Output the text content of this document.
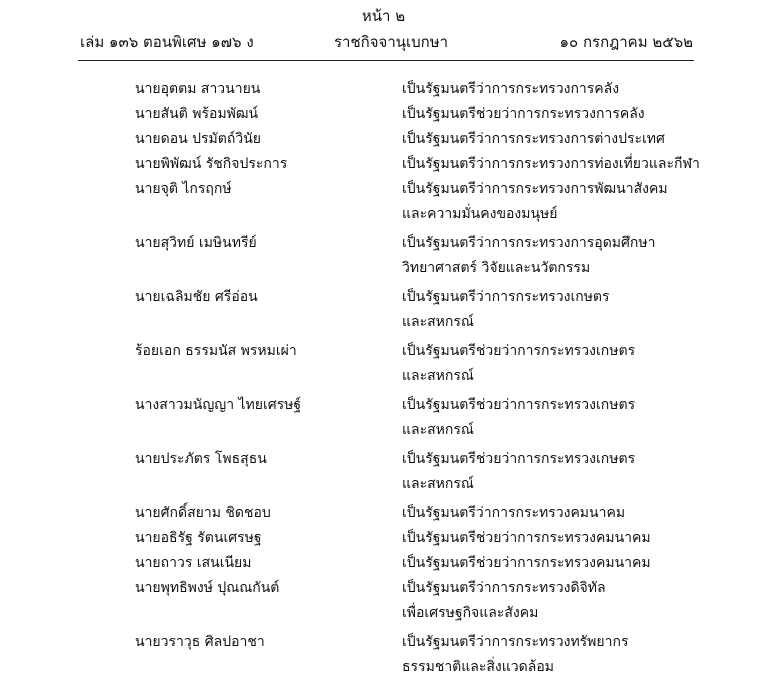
หน้า ๒
เล่ม ๑๓๖ ตอนพิเศษ ๑๗๖ ง	ราชกิจจานุเบกษา	๑๐ กรกฎาคม ๒๕๖๒
นายอุตตม สาวนายน	เป็นรัฐมนตรีว่าการกระทรวงการคลัง
นายสันติ พร้อมพัฒน์	เป็นรัฐมนตรีช่วยว่าการกระทรวงการคลัง
นายดอน ปรมัตถ์วินัย	เป็นรัฐมนตรีว่าการกระทรวงการต่างประเทศ
นายพิพัฒน์ รัชกิจประการ	เป็นรัฐมนตรีว่าการกระทรวงการท่องเที่ยวและกีฬา
นายจุติ ไกรฤกษ์	เป็นรัฐมนตรีว่าการกระทรวงการพัฒนาสังคม
และความมั่นคงของมนุษย์
นายสุวิทย์ เมษินทรีย์	เป็นรัฐมนตรีว่าการกระทรวงการอุดมศึกษา
วิทยาศาสตร์ วิจัยและนวัตกรรม
นายเฉลิมชัย ศรีอ่อน	เป็นรัฐมนตรีว่าการกระทรวงเกษตร
และสหกรณ์
ร้อยเอก ธรรมนัส พรหมเผ่า	เป็นรัฐมนตรีช่วยว่าการกระทรวงเกษตร
และสหกรณ์
นางสาวมนัญญา ไทยเศรษฐ์	เป็นรัฐมนตรีช่วยว่าการกระทรวงเกษตร
และสหกรณ์
นายประภัตร โพธสุธน	เป็นรัฐมนตรีช่วยว่าการกระทรวงเกษตร
และสหกรณ์
นายศักดิ์สยาม ชิดชอบ	เป็นรัฐมนตรีว่าการกระทรวงคมนาคม
นายอธิรัฐ รัตนเศรษฐ	เป็นรัฐมนตรีช่วยว่าการกระทรวงคมนาคม
นายถาวร เสนเนียม	เป็นรัฐมนตรีช่วยว่าการกระทรวงคมนาคม
นายพุทธิพงษ์ ปุณณกันต์	เป็นรัฐมนตรีว่าการกระทรวงดิจิทัล
เพื่อเศรษฐกิจและสังคม
นายวราวุธ ศิลปอาชา	เป็นรัฐมนตรีว่าการกระทรวงทรัพยากร
ธรรมชาติและสิ่งแวดล้อม
